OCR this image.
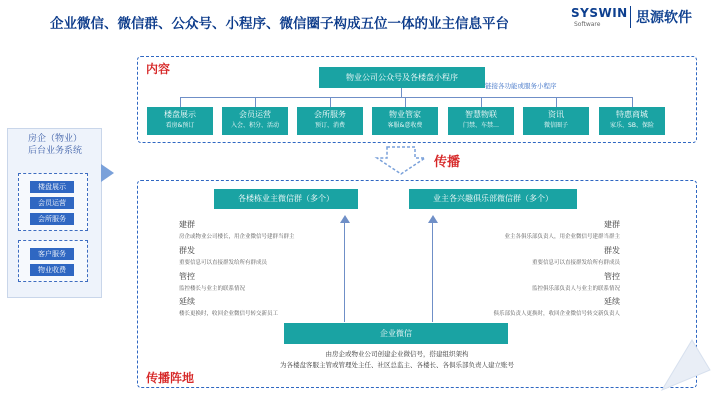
企业微信、微信群、公众号、小程序、微信圈子构成五位一体的业主信息平台
SYSWIN
Software	思源软件
房企（物业）
后台业务系统
楼盘展示
会员运营
会所服务
客户服务
物业收费
内容
物业公司公众号及各楼盘小程序
链接各功能或服务小程序
楼盘展示
看房&预订
会员运营
入会、积分、活动
会所服务
预订、消费
物业管家
客服&意收费
智慧物联
门禁、车禁…
资讯
微信圈子
特惠商城
家乐、SB、保险
传播
各楼栋业主微信群（多个）	业主各兴趣俱乐部微信群（多个）
建群
房企或物业公司楼长，用企业微信号建群当群主
群发
重要信息可以直接群发给所有群成员
管控
监控楼长与业主的联系情况
延续
楼长更换时，收回企业微信号转交新员工
建群
业主各俱乐部负责人，用企业微信号建群当群主
群发
重要信息可以直接群发给所有群成员
管控
监控俱乐部负责人与业主的联系情况
延续
俱乐部负责人更换时，收回企业微信号转交新负责人
企业微信
由房企或物业公司创建企业微信号，搭建组织架构
为各楼盘客服主管或管理处主任、社区总监主、各楼长、各俱乐部负责人建立账号
传播阵地
